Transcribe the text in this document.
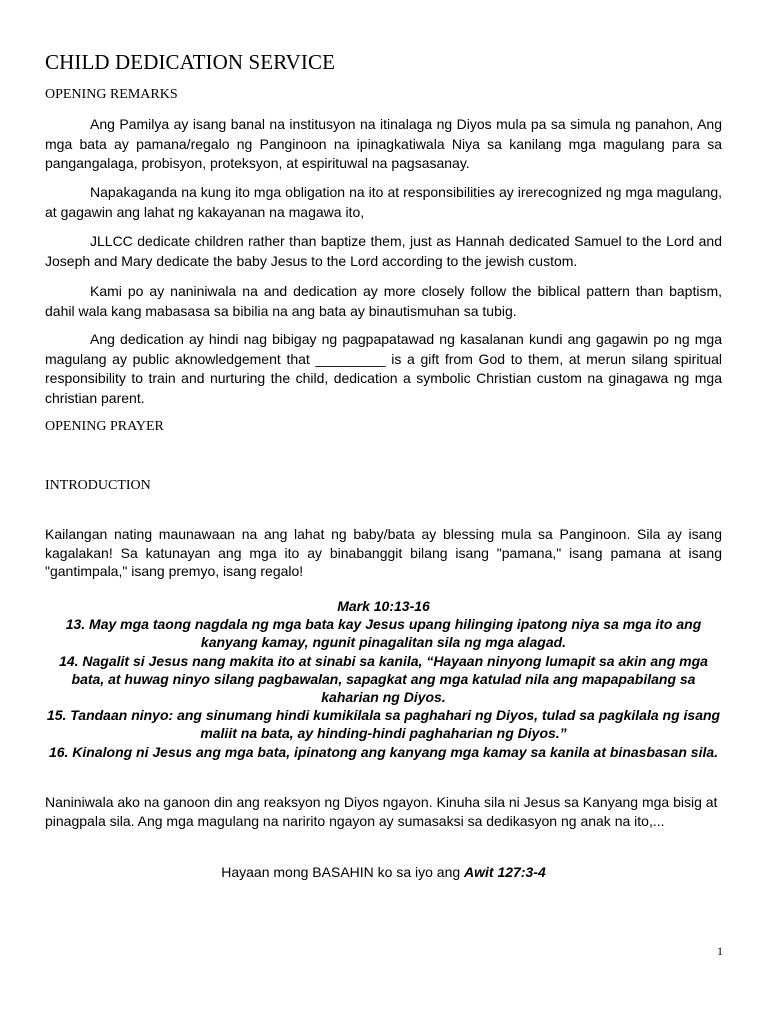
CHILD DEDICATION SERVICE
OPENING REMARKS

Ang Pamilya ay isang banal na institusyon na itinalaga ng Diyos mula pa sa simula ng panahon, Ang mga bata ay pamana/regalo ng Panginoon na ipinagkatiwala Niya sa kanilang mga magulang para sa pangangalaga, probisyon, proteksyon, at espirituwal na pagsasanay.

Napakaganda na kung ito mga obligation na ito at responsibilities ay irerecognized ng mga magulang, at gagawin ang lahat ng kakayanan na magawa ito,

JLLCC dedicate children rather than baptize them, just as Hannah dedicated Samuel to the Lord and Joseph and Mary dedicate the baby Jesus to the Lord according to the jewish custom.

Kami po ay naniniwala na and dedication ay more closely follow the biblical pattern than baptism, dahil wala kang mabasasa sa bibilia na ang bata ay binautismuhan sa tubig.

Ang dedication ay hindi nag bibigay ng pagpapatawad ng kasalanan kundi ang gagawin po ng mga magulang ay public aknowledgement that _________ is a gift from God to them, at merun silang spiritual responsibility to train and nurturing the child, dedication a symbolic Christian custom na ginagawa ng mga christian parent.

OPENING PRAYER
INTRODUCTION

Kailangan nating maunawaan na ang lahat ng baby/bata ay blessing mula sa Panginoon. Sila ay isang kagalakan! Sa katunayan ang mga ito ay binabanggit bilang isang "pamana," isang pamana at isang "gantimpala," isang premyo, isang regalo!

Mark 10:13-16
13. May mga taong nagdala ng mga bata kay Jesus upang hilinging ipatong niya sa mga ito ang kanyang kamay, ngunit pinagalitan sila ng mga alagad.
14. Nagalit si Jesus nang makita ito at sinabi sa kanila, “Hayaan ninyong lumapit sa akin ang mga bata, at huwag ninyo silang pagbawalan, sapagkat ang mga katulad nila ang mapapabilang sa kaharian ng Diyos.
15. Tandaan ninyo: ang sinumang hindi kumikilala sa paghahari ng Diyos, tulad sa pagkilala ng isang maliit na bata, ay hinding-hindi paghaharian ng Diyos.”
16. Kinalong ni Jesus ang mga bata, ipinatong ang kanyang mga kamay sa kanila at binasbasan sila.

Naniniwala ako na ganoon din ang reaksyon ng Diyos ngayon. Kinuha sila ni Jesus sa Kanyang mga bisig at pinagpala sila. Ang mga magulang na naririto ngayon ay sumasaksi sa dedikasyon ng anak na ito,...

Hayaan mong BASAHIN ko sa iyo ang Awit 127:3-4
1
